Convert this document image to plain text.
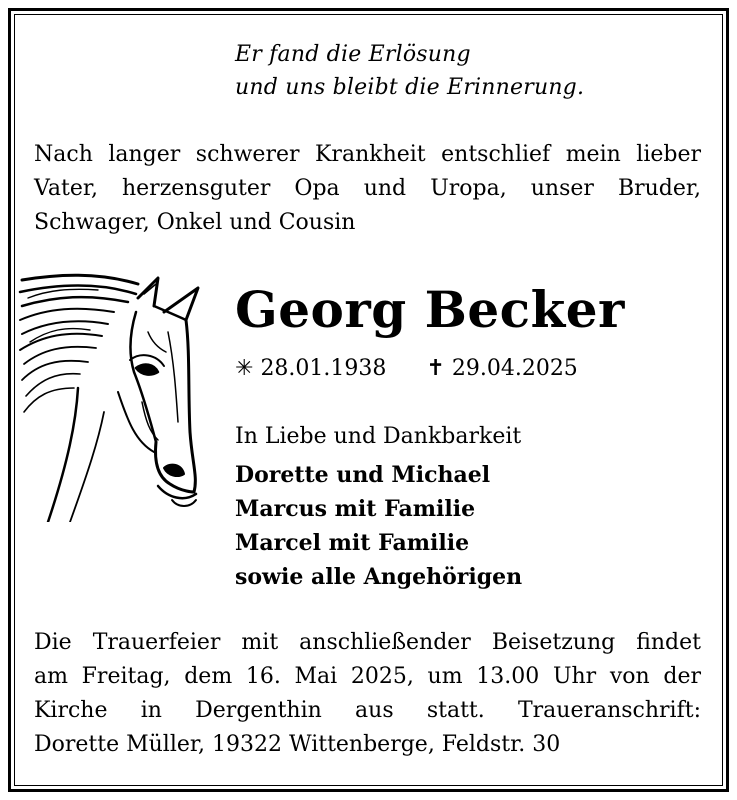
Er fand die Erlösung
und uns bleibt die Erinnerung.
Nach langer schwerer Krankheit entschlief mein lieber
Vater, herzensguter Opa und Uropa, unser Bruder,
Schwager, Onkel und Cousin
Georg Becker
✳ 28.01.1938 ✝ 29.04.2025
In Liebe und Dankbarkeit
Dorette und Michael
Marcus mit Familie
Marcel mit Familie
sowie alle Angehörigen
Die Trauerfeier mit anschließender Beisetzung findet
am Freitag, dem 16. Mai 2025, um 13.00 Uhr von der
Kirche in Dergenthin aus statt. Traueranschrift:
Dorette Müller, 19322 Wittenberge, Feldstr. 30
